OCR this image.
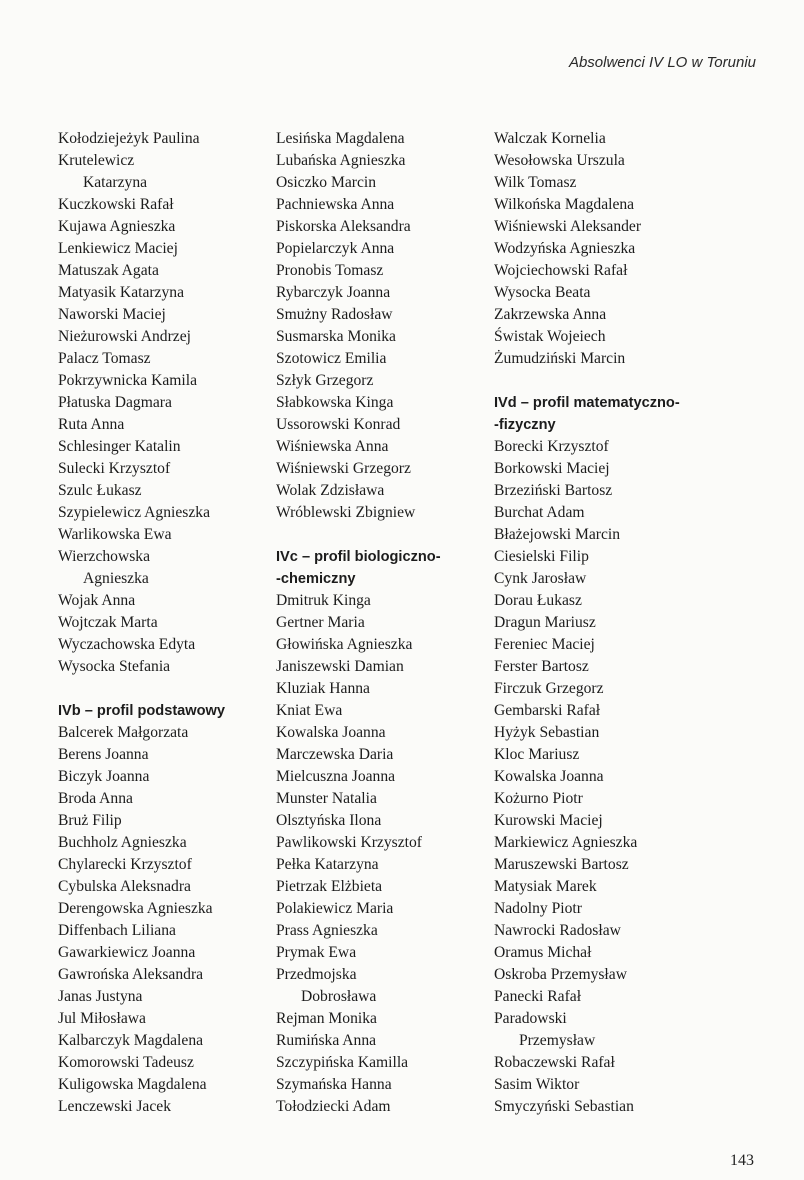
Absolwenci IV LO w Toruniu
Kołodziejeżyk Paulina
Krutelewicz
Katarzyna
Kuczkowski Rafał
Kujawa Agnieszka
Lenkiewicz Maciej
Matuszak Agata
Matyasik Katarzyna
Naworski Maciej
Nieżurowski Andrzej
Palacz Tomasz
Pokrzywnicka Kamila
Płatuska Dagmara
Ruta Anna
Schlesinger Katalin
Sulecki Krzysztof
Szulc Łukasz
Szypielewicz Agnieszka
Warlikowska Ewa
Wierzchowska
Agnieszka
Wojak Anna
Wojtczak Marta
Wyczachowska Edyta
Wysocka Stefania
IVb – profil podstawowy
Balcerek Małgorzata
Berens Joanna
Biczyk Joanna
Broda Anna
Bruż Filip
Buchholz Agnieszka
Chylarecki Krzysztof
Cybulska Aleksnadra
Derengowska Agnieszka
Diffenbach Liliana
Gawarkiewicz Joanna
Gawrońska Aleksandra
Janas Justyna
Jul Miłosława
Kalbarczyk Magdalena
Komorowski Tadeusz
Kuligowska Magdalena
Lenczewski Jacek
Lesińska Magdalena
Lubańska Agnieszka
Osiczko Marcin
Pachniewska Anna
Piskorska Aleksandra
Popielarczyk Anna
Pronobis Tomasz
Rybarczyk Joanna
Smużny Radosław
Susmarska Monika
Szotowicz Emilia
Szłyk Grzegorz
Słabkowska Kinga
Ussorowski Konrad
Wiśniewska Anna
Wiśniewski Grzegorz
Wolak Zdzisława
Wróblewski Zbigniew
IVc – profil biologiczno-
-chemiczny
Dmitruk Kinga
Gertner Maria
Głowińska Agnieszka
Janiszewski Damian
Kluziak Hanna
Kniat Ewa
Kowalska Joanna
Marczewska Daria
Mielcuszna Joanna
Munster Natalia
Olsztyńska Ilona
Pawlikowski Krzysztof
Pełka Katarzyna
Pietrzak Elżbieta
Polakiewicz Maria
Prass Agnieszka
Prymak Ewa
Przedmojska
Dobrosława
Rejman Monika
Rumińska Anna
Szczypińska Kamilla
Szymańska Hanna
Tołodziecki Adam
Walczak Kornelia
Wesołowska Urszula
Wilk Tomasz
Wilkońska Magdalena
Wiśniewski Aleksander
Wodzyńska Agnieszka
Wojciechowski Rafał
Wysocka Beata
Zakrzewska Anna
Świstak Wojeiech
Żumudziński Marcin
IVd – profil matematyczno-
-fizyczny
Borecki Krzysztof
Borkowski Maciej
Brzeziński Bartosz
Burchat Adam
Błażejowski Marcin
Ciesielski Filip
Cynk Jarosław
Dorau Łukasz
Dragun Mariusz
Fereniec Maciej
Ferster Bartosz
Firczuk Grzegorz
Gembarski Rafał
Hyżyk Sebastian
Kloc Mariusz
Kowalska Joanna
Kożurno Piotr
Kurowski Maciej
Markiewicz Agnieszka
Maruszewski Bartosz
Matysiak Marek
Nadolny Piotr
Nawrocki Radosław
Oramus Michał
Oskroba Przemysław
Panecki Rafał
Paradowski
Przemysław
Robaczewski Rafał
Sasim Wiktor
Smyczyński Sebastian
143
